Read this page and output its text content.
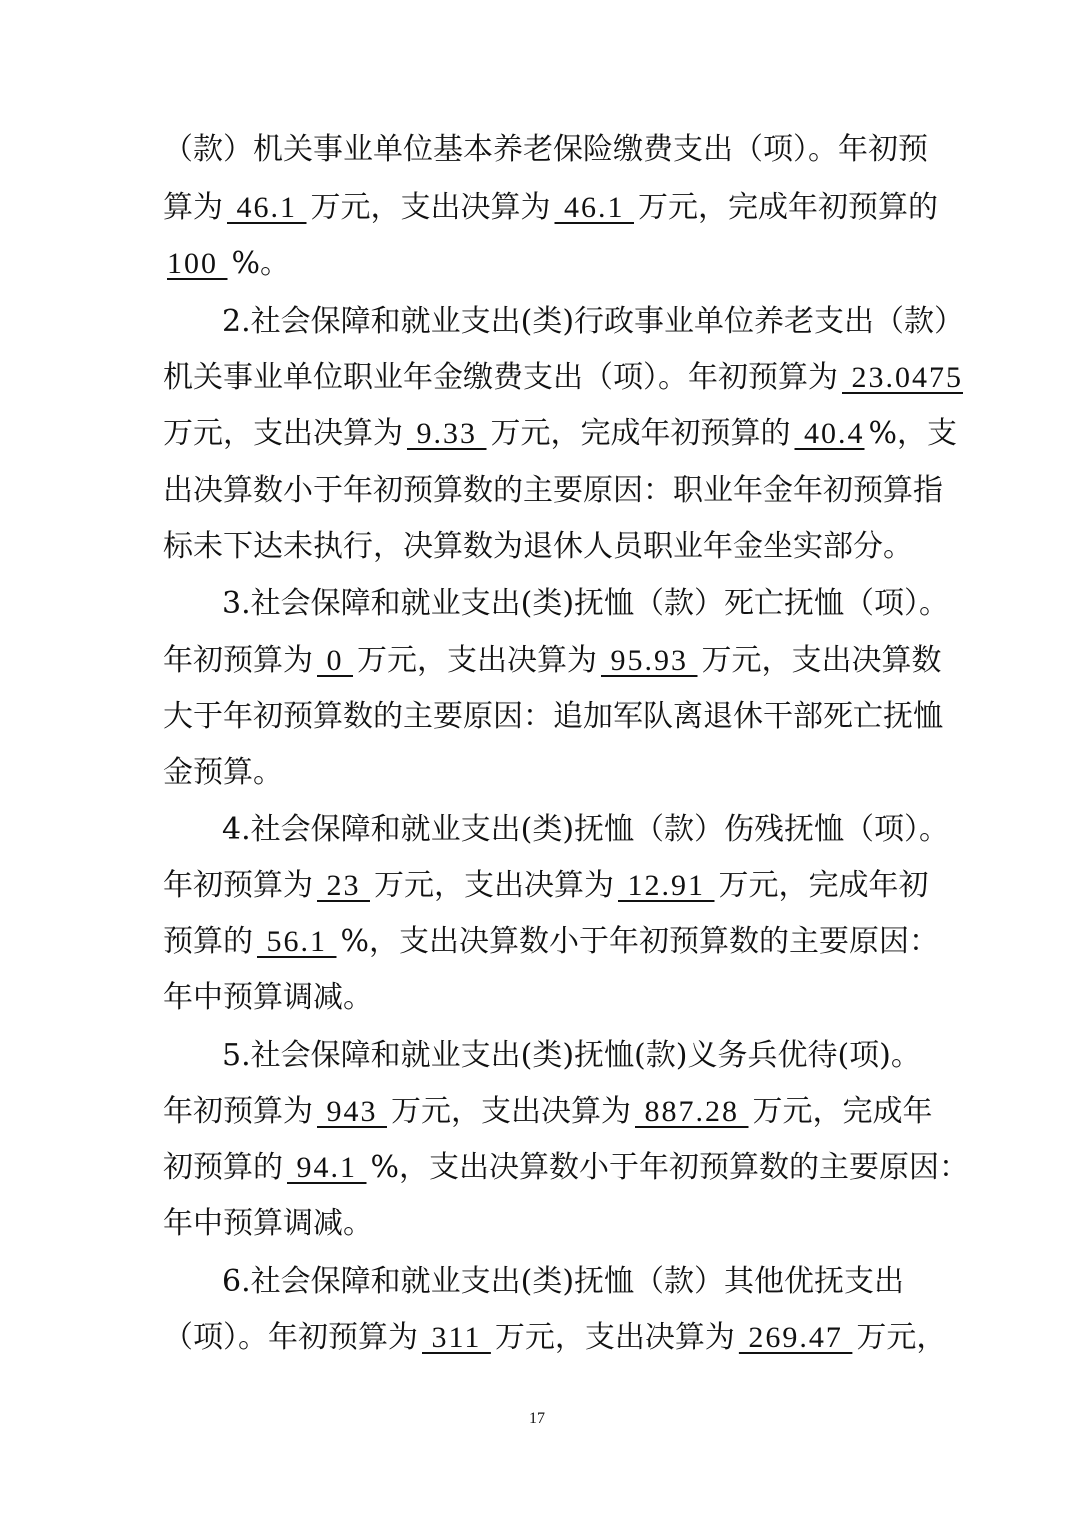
（款）机关事业单位基本养老保险缴费支出（项）。年初预
算为 46.1 万元，支出决算为 46.1 万元，完成年初预算的
100 %。
2.社会保障和就业支出(类)行政事业单位养老支出（款）
机关事业单位职业年金缴费支出（项）。年初预算为 23.0475
万元，支出决算为 9.33 万元，完成年初预算的 40.4 %，支
出决算数小于年初预算数的主要原因：职业年金年初预算指
标未下达未执行，决算数为退休人员职业年金坐实部分。
3.社会保障和就业支出(类)抚恤（款）死亡抚恤（项）。
年初预算为 0 万元，支出决算为 95.93 万元，支出决算数
大于年初预算数的主要原因：追加军队离退休干部死亡抚恤
金预算。
4.社会保障和就业支出(类)抚恤（款）伤残抚恤（项）。
年初预算为 23 万元，支出决算为 12.91 万元，完成年初
预算的 56.1 %，支出决算数小于年初预算数的主要原因：
年中预算调减。
5.社会保障和就业支出(类)抚恤(款)义务兵优待(项)。
年初预算为 943 万元，支出决算为 887.28 万元，完成年
初预算的 94.1 %，支出决算数小于年初预算数的主要原因：
年中预算调减。
6.社会保障和就业支出(类)抚恤（款）其他优抚支出
（项）。年初预算为 311 万元，支出决算为 269.47 万元，
17
